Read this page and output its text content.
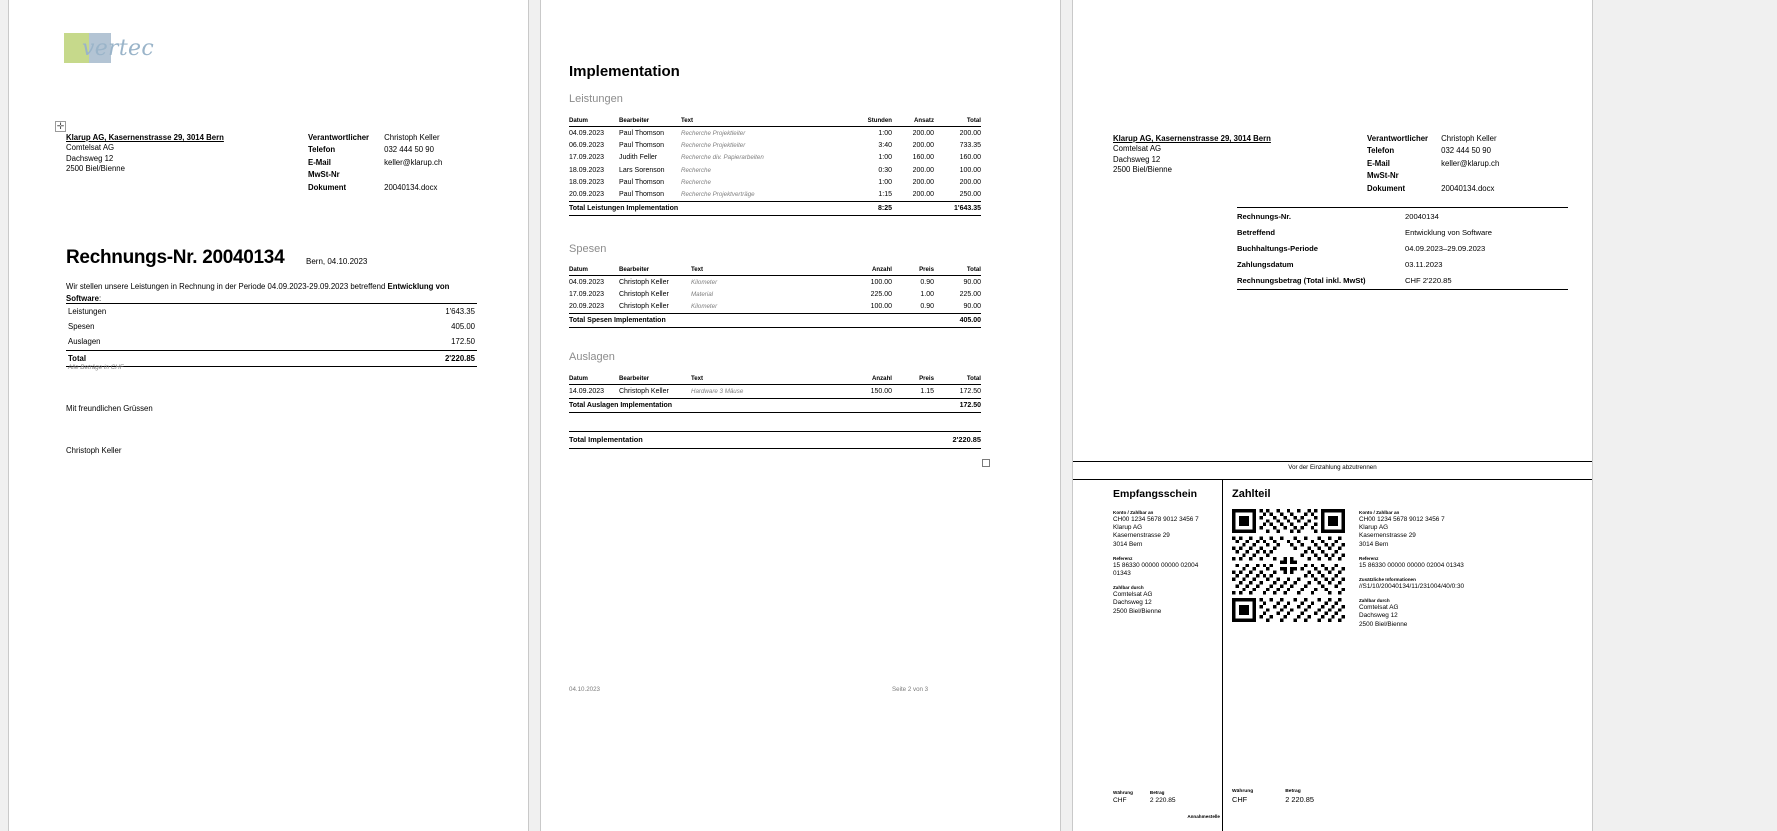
vertec
✛
Klarup AG, Kasernenstrasse 29, 3014 Bern
Comtelsat AG
Dachsweg 12
2500 Biel/Bienne
Verantwortlicher	Christoph Keller
Telefon	032 444 50 90
E-Mail	keller@klarup.ch
MwSt-Nr	
Dokument	20040134.docx
Rechnungs-Nr. 20040134	Bern, 04.10.2023
Wir stellen unsere Leistungen in Rechnung in der Periode 04.09.2023-29.09.2023 betreffend Entwicklung von Software:
Leistungen	1'643.35
Spesen	405.00
Auslagen	172.50
Total	2'220.85
Alle Beträge in CHF
Mit freundlichen Grüssen
Christoph Keller
Implementation
Leistungen
Datum	Bearbeiter	Text	Stunden	Ansatz	Total
04.09.2023	Paul Thomson	Recherche Projektleiter	1:00	200.00	200.00
06.09.2023	Paul Thomson	Recherche Projektleiter	3:40	200.00	733.35
17.09.2023	Judith Feller	Recherche div. Papierarbeiten	1:00	160.00	160.00
18.09.2023	Lars Sorenson	Recherche	0:30	200.00	100.00
18.09.2023	Paul Thomson	Recherche	1:00	200.00	200.00
20.09.2023	Paul Thomson	Recherche Projektverträge	1:15	200.00	250.00
Total Leistungen Implementation			8:25		1'643.35
Spesen
Datum	Bearbeiter	Text	Anzahl	Preis	Total
04.09.2023	Christoph Keller	Kilometer	100.00	0.90	90.00
17.09.2023	Christoph Keller	Material	225.00	1.00	225.00
20.09.2023	Christoph Keller	Kilometer	100.00	0.90	90.00
Total Spesen Implementation					405.00
Auslagen
Datum	Bearbeiter	Text	Anzahl	Preis	Total
14.09.2023	Christoph Keller	Hardware 3 Mäuse	150.00	1.15	172.50
Total Auslagen Implementation					172.50
Total Implementation	2'220.85
04.10.2023	Seite 2 von 3
Klarup AG, Kasernenstrasse 29, 3014 Bern
Comtelsat AG
Dachsweg 12
2500 Biel/Bienne
Verantwortlicher	Christoph Keller
Telefon	032 444 50 90
E-Mail	keller@klarup.ch
MwSt-Nr	
Dokument	20040134.docx
Rechnungs-Nr.	20040134
Betreffend	Entwicklung von Software
Buchhaltungs-Periode	04.09.2023–29.09.2023
Zahlungsdatum	03.11.2023
Rechnungsbetrag (Total inkl. MwSt)	CHF 2'220.85
Vor der Einzahlung abzutrennen
Empfangsschein
Konto / Zahlbar an
CH00 1234 5678 9012 3456 7
Klarup AG
Kasernenstrasse 29
3014 Bern
Referenz
15 86330 00000 00000 02004 01343
Zahlbar durch
Comtelsat AG
Dachsweg 12
2500 Biel/Bienne
Währung
CHF
Betrag
2 220.85
Annahmestelle
Zahlteil
Konto / Zahlbar an
CH00 1234 5678 9012 3456 7
Klarup AG
Kasernenstrasse 29
3014 Bern
Referenz
15 86330 00000 00000 02004 01343
Zusätzliche Informationen
//S1/10/20040134/11/231004/40/0:30
Zahlbar durch
Comtelsat AG
Dachsweg 12
2500 Biel/Bienne
Währung
CHF
Betrag
2 220.85
